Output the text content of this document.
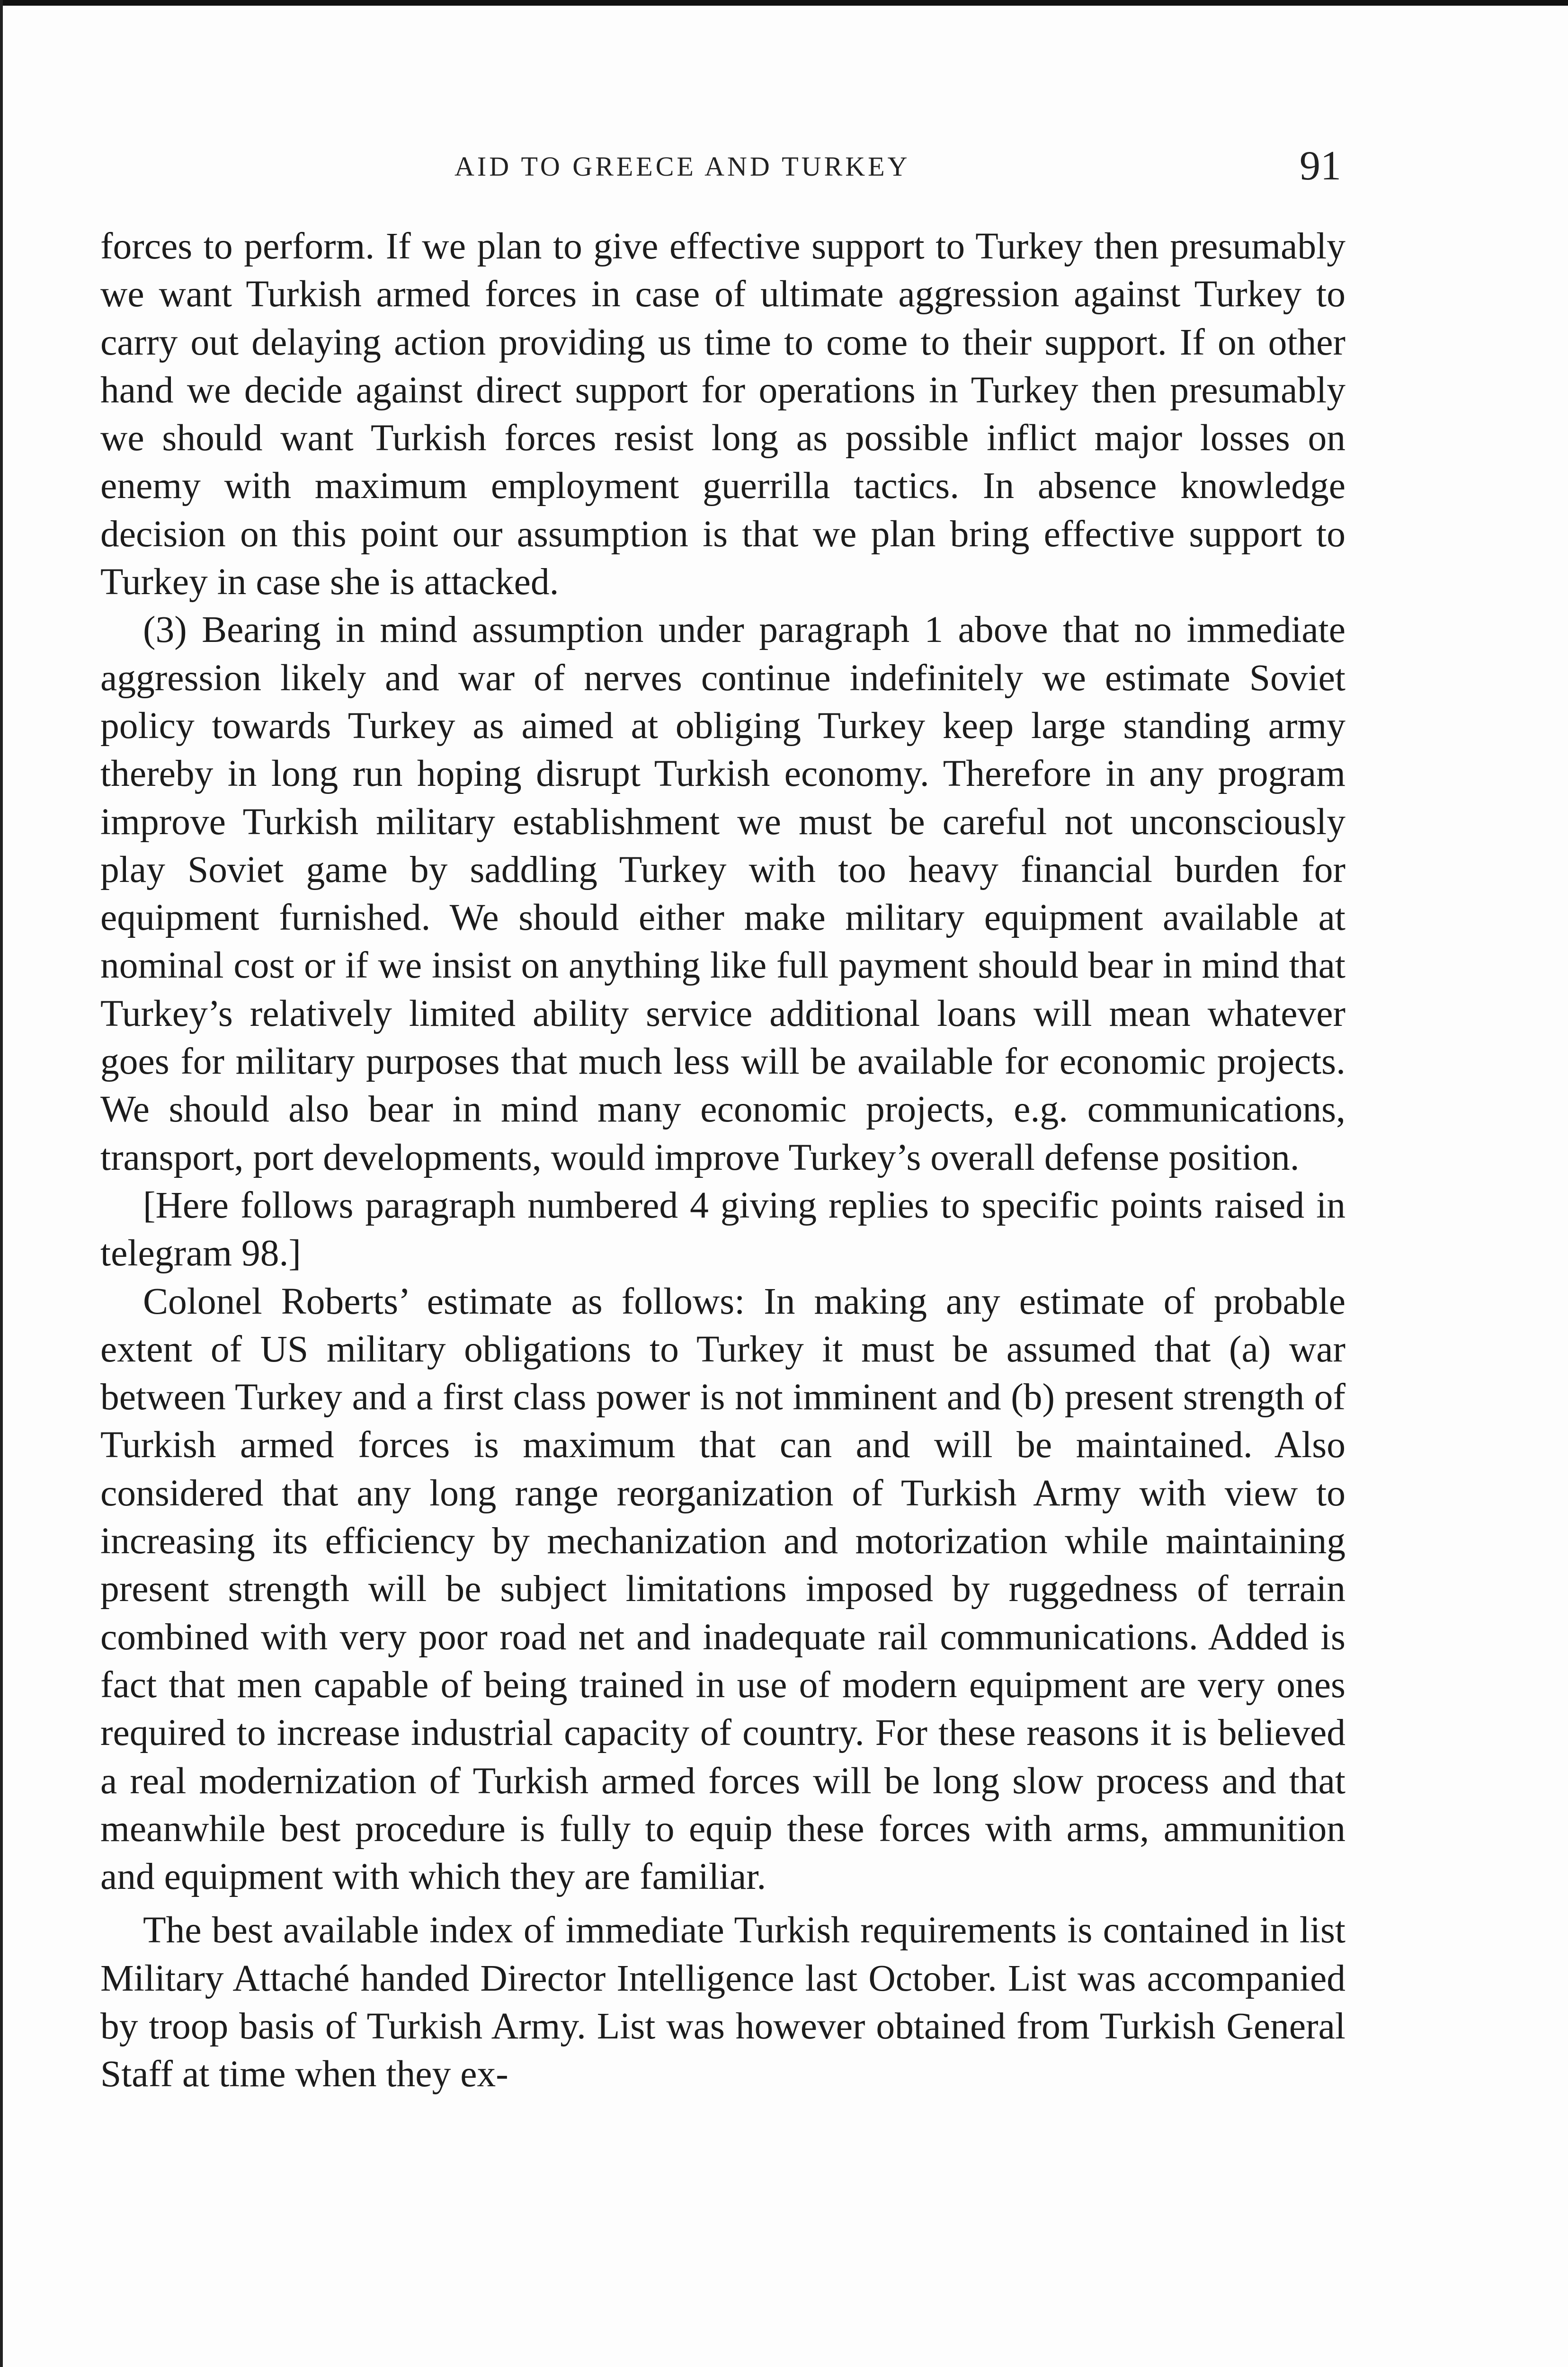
AID TO GREECE AND TURKEY	91

forces to perform. If we plan to give effective support to Turkey then presumably we want Turkish armed forces in case of ultimate aggression against Turkey to carry out delaying action providing us time to come to their support. If on other hand we decide against direct support for operations in Turkey then presumably we should want Turkish forces resist long as possible inflict major losses on enemy with maximum employment guerrilla tactics. In absence knowledge decision on this point our assumption is that we plan bring effective support to Turkey in case she is attacked.

(3) Bearing in mind assumption under paragraph 1 above that no immediate aggression likely and war of nerves continue indefinitely we estimate Soviet policy towards Turkey as aimed at obliging Turkey keep large standing army thereby in long run hoping disrupt Turkish economy. Therefore in any program improve Turkish military establishment we must be careful not unconsciously play Soviet game by saddling Turkey with too heavy financial burden for equipment furnished. We should either make military equipment available at nominal cost or if we insist on anything like full payment should bear in mind that Turkey’s relatively limited ability service additional loans will mean whatever goes for military purposes that much less will be available for economic projects. We should also bear in mind many economic projects, e.g. communications, transport, port developments, would improve Turkey’s overall defense position.

[Here follows paragraph numbered 4 giving replies to specific points raised in telegram 98.]

Colonel Roberts’ estimate as follows: In making any estimate of probable extent of US military obligations to Turkey it must be assumed that (a) war between Turkey and a first class power is not imminent and (b) present strength of Turkish armed forces is maximum that can and will be maintained. Also considered that any long range reorganization of Turkish Army with view to increasing its efficiency by mechanization and motorization while maintaining present strength will be subject limitations imposed by ruggedness of terrain combined with very poor road net and inadequate rail communications. Added is fact that men capable of being trained in use of modern equipment are very ones required to increase industrial capacity of country. For these reasons it is believed a real modernization of Turkish armed forces will be long slow process and that meanwhile best procedure is fully to equip these forces with arms, ammunition and equipment with which they are familiar.

The best available index of immediate Turkish requirements is contained in list Military Attaché handed Director Intelligence last October. List was accompanied by troop basis of Turkish Army. List was however obtained from Turkish General Staff at time when they ex-
